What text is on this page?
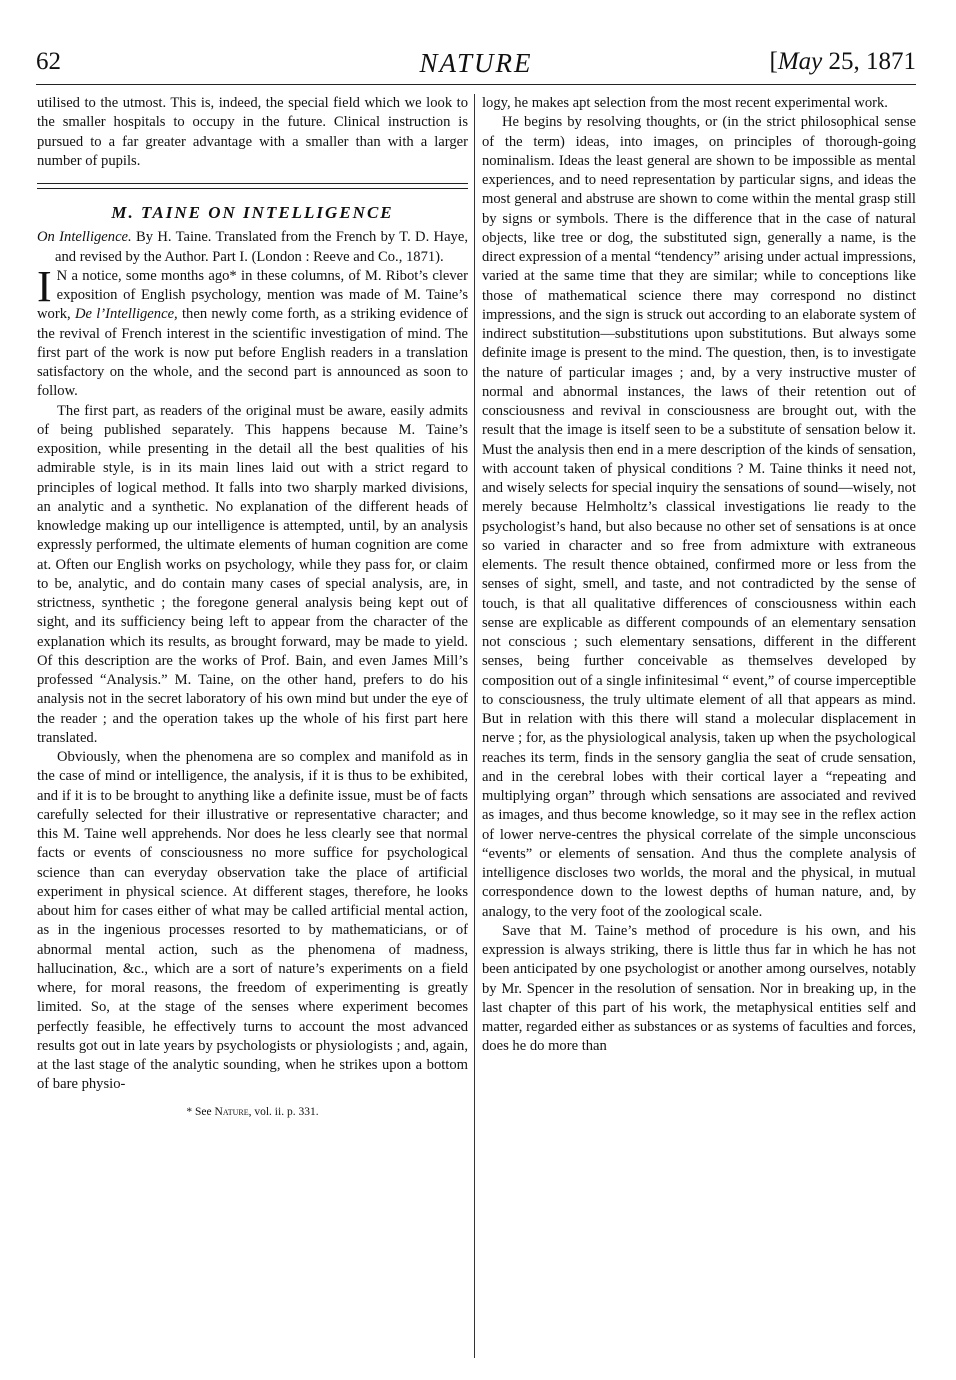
62	NATURE	[May 25, 1871

utilised to the utmost. This is, indeed, the special field which we look to the smaller hospitals to occupy in the future. Clinical instruction is pursued to a far greater advantage with a smaller than with a larger number of pupils.

M. TAINE ON INTELLIGENCE

On Intelligence. By H. Taine. Translated from the French by T. D. Haye, and revised by the Author. Part I. (London : Reeve and Co., 1871).

I N a notice, some months ago* in these columns, of M. Ribot’s clever exposition of English psychology, mention was made of M. Taine’s work, De l’Intelligence, then newly come forth, as a striking evidence of the revival of French interest in the scientific investigation of mind. The first part of the work is now put before English readers in a translation satisfactory on the whole, and the second part is announced as soon to follow.

The first part, as readers of the original must be aware, easily admits of being published separately. This happens because M. Taine’s exposition, while presenting in the detail all the best qualities of his admirable style, is in its main lines laid out with a strict regard to principles of logical method. It falls into two sharply marked divisions, an analytic and a synthetic. No explanation of the different heads of knowledge making up our intelligence is attempted, until, by an analysis expressly performed, the ultimate elements of human cognition are come at. Often our English works on psychology, while they pass for, or claim to be, analytic, and do contain many cases of special analysis, are, in strictness, synthetic ; the foregone general analysis being kept out of sight, and its sufficiency being left to appear from the character of the explanation which its results, as brought forward, may be made to yield. Of this description are the works of Prof. Bain, and even James Mill’s professed “Analysis.” M. Taine, on the other hand, prefers to do his analysis not in the secret laboratory of his own mind but under the eye of the reader ; and the operation takes up the whole of his first part here translated.

Obviously, when the phenomena are so complex and manifold as in the case of mind or intelligence, the analysis, if it is thus to be exhibited, and if it is to be brought to anything like a definite issue, must be of facts carefully selected for their illustrative or representative character; and this M. Taine well apprehends. Nor does he less clearly see that normal facts or events of consciousness no more suffice for psychological science than can everyday observation take the place of artificial experiment in physical science. At different stages, therefore, he looks about him for cases either of what may be called artificial mental action, as in the ingenious processes resorted to by mathematicians, or of abnormal mental action, such as the phenomena of madness, hallucination, &c., which are a sort of nature’s experiments on a field where, for moral reasons, the freedom of experimenting is greatly limited. So, at the stage of the senses where experiment becomes perfectly feasible, he effectively turns to account the most advanced results got out in late years by psychologists or physiologists ; and, again, at the last stage of the analytic sounding, when he strikes upon a bottom of bare physio-

* See Nature, vol. ii. p. 331.

logy, he makes apt selection from the most recent experimental work.

He begins by resolving thoughts, or (in the strict philosophical sense of the term) ideas, into images, on principles of thorough-going nominalism. Ideas the least general are shown to be impossible as mental experiences, and to need representation by particular signs, and ideas the most general and abstruse are shown to come within the mental grasp still by signs or symbols. There is the difference that in the case of natural objects, like tree or dog, the substituted sign, generally a name, is the direct expression of a mental “tendency” arising under actual impressions, varied at the same time that they are similar; while to conceptions like those of mathematical science there may correspond no distinct impressions, and the sign is struck out according to an elaborate system of indirect substitution—substitutions upon substitutions. But always some definite image is present to the mind. The question, then, is to investigate the nature of particular images ; and, by a very instructive muster of normal and abnormal instances, the laws of their retention out of consciousness and revival in consciousness are brought out, with the result that the image is itself seen to be a substitute of sensation below it. Must the analysis then end in a mere description of the kinds of sensation, with account taken of physical conditions ? M. Taine thinks it need not, and wisely selects for special inquiry the sensations of sound—wisely, not merely because Helmholtz’s classical investigations lie ready to the psychologist’s hand, but also because no other set of sensations is at once so varied in character and so free from admixture with extraneous elements. The result thence obtained, confirmed more or less from the senses of sight, smell, and taste, and not contradicted by the sense of touch, is that all qualitative differences of consciousness within each sense are explicable as different compounds of an elementary sensation not conscious ; such elementary sensations, different in the different senses, being further conceivable as themselves developed by composition out of a single infinitesimal “ event,” of course imperceptible to consciousness, the truly ultimate element of all that appears as mind. But in relation with this there will stand a molecular displacement in nerve ; for, as the physiological analysis, taken up when the psychological reaches its term, finds in the sensory ganglia the seat of crude sensation, and in the cerebral lobes with their cortical layer a “repeating and multiplying organ” through which sensations are associated and revived as images, and thus become knowledge, so it may see in the reflex action of lower nerve-centres the physical correlate of the simple unconscious “events” or elements of sensation. And thus the complete analysis of intelligence discloses two worlds, the moral and the physical, in mutual correspondence down to the lowest depths of human nature, and, by analogy, to the very foot of the zoological scale.

Save that M. Taine’s method of procedure is his own, and his expression is always striking, there is little thus far in which he has not been anticipated by one psychologist or another among ourselves, notably by Mr. Spencer in the resolution of sensation. Nor in breaking up, in the last chapter of this part of his work, the metaphysical entities self and matter, regarded either as substances or as systems of faculties and forces, does he do more than
